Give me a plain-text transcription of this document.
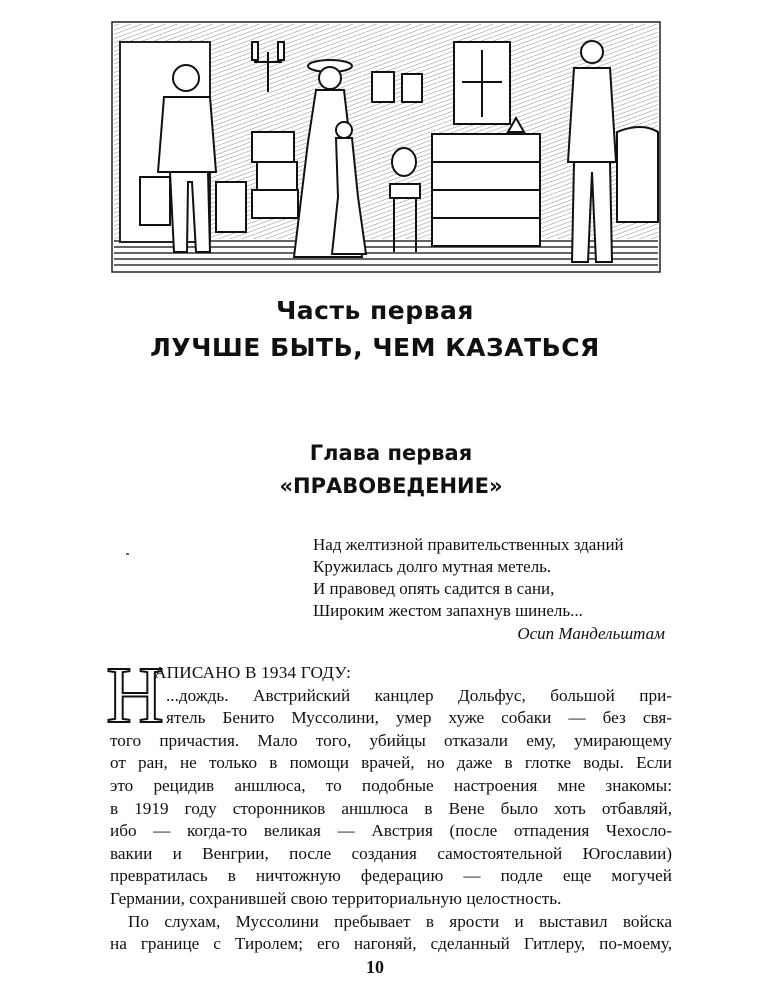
Часть первая
ЛУЧШЕ БЫТЬ, ЧЕМ КАЗАТЬСЯ
Глава первая
«ПРАВОВЕДЕНИЕ»
Над желтизной правительственных зданий
Кружилась долго мутная метель.
И правовед опять садится в сани,
Широким жестом запахнув шинель...
Осип Мандельштам
Н
АПИСАНО В 1934 ГОДУ:
...дождь. Австрийский канцлер Дольфус, большой при-
ятель Бенито Муссолини, умер хуже собаки — без свя-
того причастия. Мало того, убийцы отказали ему, умирающему
от ран, не только в помощи врачей, но даже в глотке воды. Если
это рецидив аншлюса, то подобные настроения мне знакомы:
в 1919 году сторонников аншлюса в Вене было хоть отбавляй,
ибо — когда-то великая — Австрия (после отпадения Чехосло-
вакии и Венгрии, после создания самостоятельной Югославии)
превратилась в ничтожную федерацию — подле еще могучей
Германии, сохранившей свою территориальную целостность.
По слухам, Муссолини пребывает в ярости и выставил войска
на границе с Тиролем; его нагоняй, сделанный Гитлеру, по-моему,
10
